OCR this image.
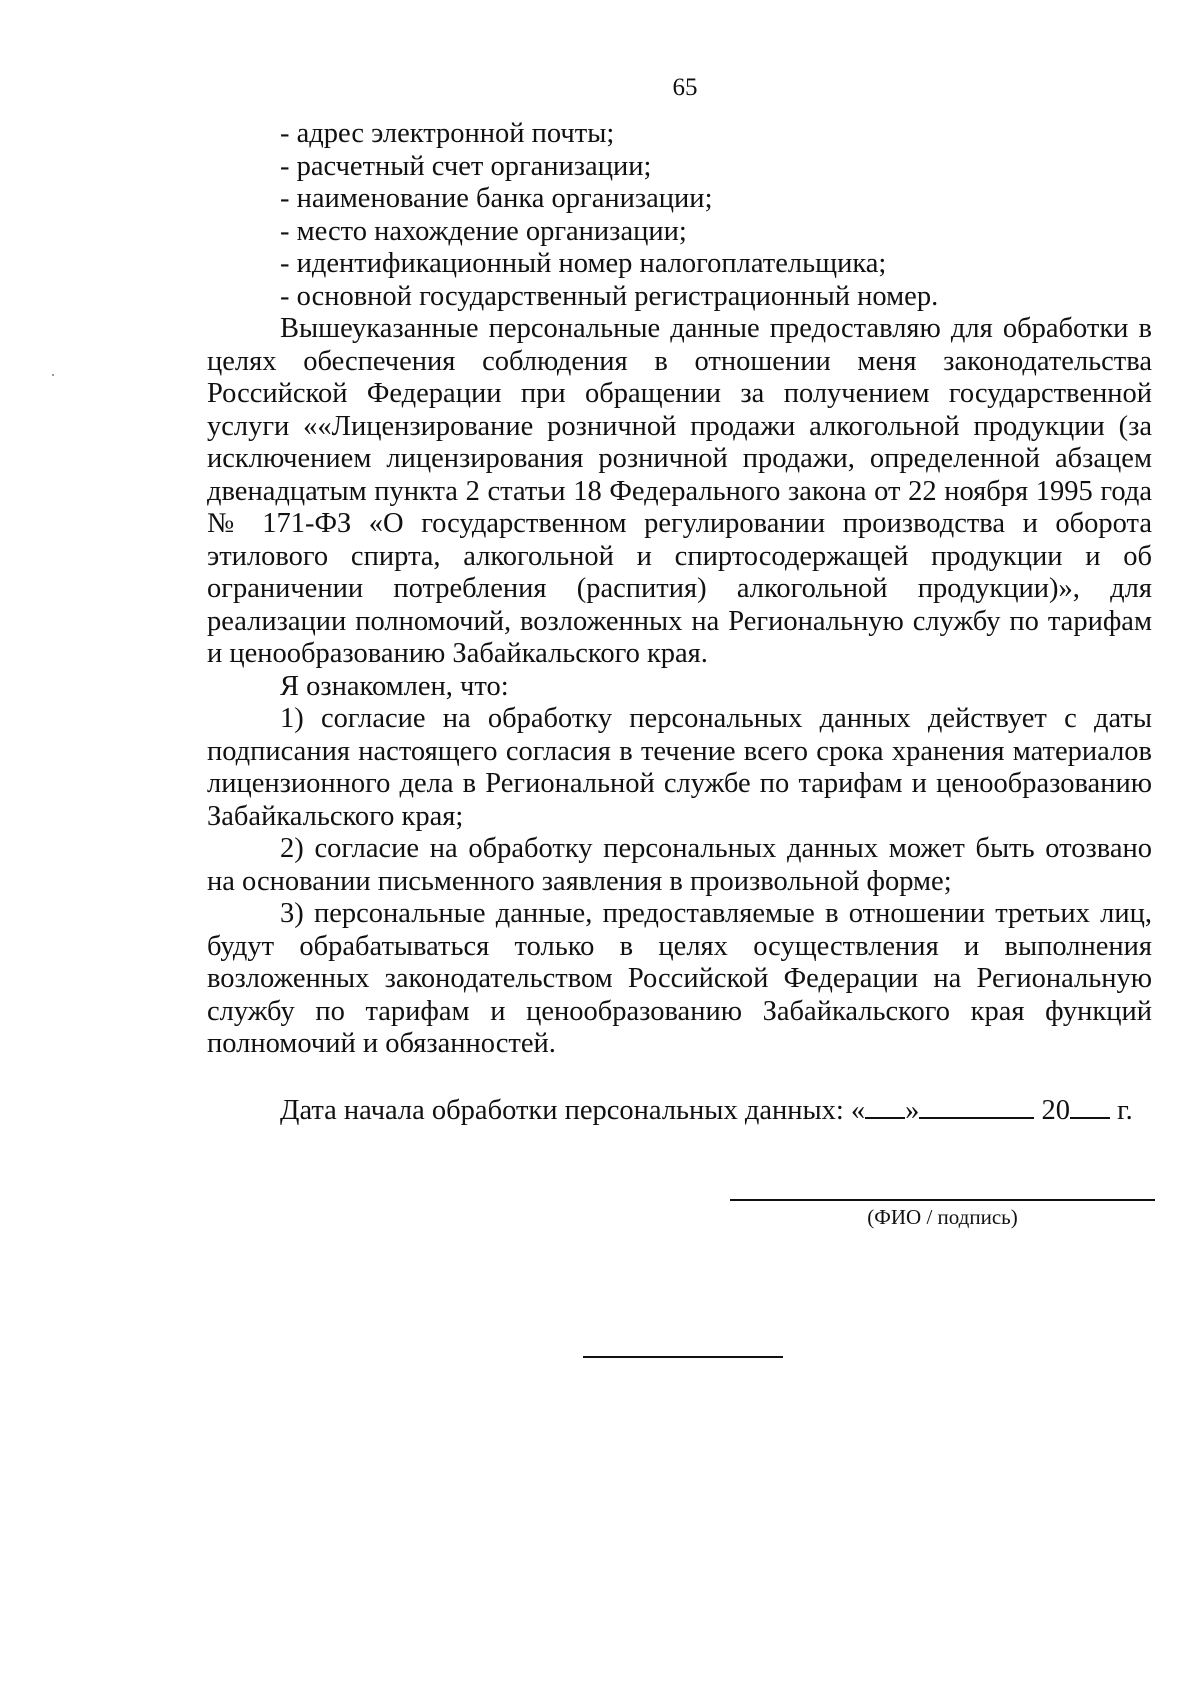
65
- адрес электронной почты;
- расчетный счет организации;
- наименование банка организации;
- место нахождение организации;
- идентификационный номер налогоплательщика;
- основной государственный регистрационный номер.

Вышеуказанные персональные данные предоставляю для обработки в целях обеспечения соблюдения в отношении меня законодательства Российской Федерации при обращении за получением государственной услуги ««Лицензирование розничной продажи алкогольной продукции (за исключением лицензирования розничной продажи, определенной абзацем двенадцатым пункта 2 статьи 18 Федерального закона от 22 ноября 1995 года № 171-ФЗ «О государственном регулировании производства и оборота этилового спирта, алкогольной и спиртосодержащей продукции и об ограничении потребления (распития) алкогольной продукции)», для реализации полномочий, возложенных на Региональную службу по тарифам и ценообразованию Забайкальского края.

Я ознакомлен, что:

1) согласие на обработку персональных данных действует с даты подписания настоящего согласия в течение всего срока хранения материалов лицензионного дела в Региональной службе по тарифам и ценообразованию Забайкальского края;

2) согласие на обработку персональных данных может быть отозвано на основании письменного заявления в произвольной форме;

3) персональные данные, предоставляемые в отношении третьих лиц, будут обрабатываться только в целях осуществления и выполнения возложенных законодательством Российской Федерации на Региональную службу по тарифам и ценообразованию Забайкальского края функций полномочий и обязанностей.

Дата начала обработки персональных данных: « »	20 г.

(ФИО / подпись)
